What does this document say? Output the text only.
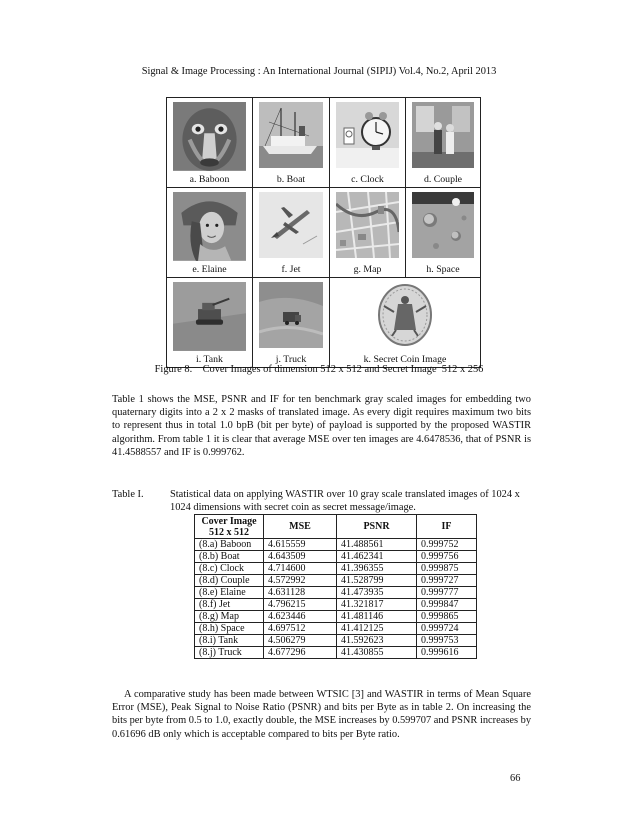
Signal & Image Processing : An International Journal (SIPIJ) Vol.4, No.2, April 2013
a. Baboon	b. Boat	c. Clock	d. Couple
e. Elaine	f. Jet	g. Map	h. Space
i. Tank	j. Truck	k. Secret Coin Image
Figure 8.    Cover Images of dimension 512 x 512 and Secret Image  512 x 256
Table 1 shows the MSE, PSNR and IF for ten benchmark gray scaled images for embedding two quaternary digits into a 2 x 2 masks of translated image. As every digit requires maximum two bits to represent thus in total 1.0 bpB (bit per byte) of payload is supported by the proposed WASTIR algorithm. From table 1 it is clear that average MSE over ten images are 4.6478536, that of PSNR is 41.4588557 and IF is 0.999762.
Table I.	Statistical data on applying WASTIR over 10 gray scale translated images of 1024 x 1024 dimensions with secret coin as secret message/image.
Cover Image 512 x 512	MSE	PSNR	IF
(8.a) Baboon	4.615559	41.488561	0.999752
(8.b) Boat	4.643509	41.462341	0.999756
(8.c) Clock	4.714600	41.396355	0.999875
(8.d) Couple	4.572992	41.528799	0.999727
(8.e) Elaine	4.631128	41.473935	0.999777
(8.f) Jet	4.796215	41.321817	0.999847
(8.g) Map	4.623446	41.481146	0.999865
(8.h) Space	4.697512	41.412125	0.999724
(8.i) Tank	4.506279	41.592623	0.999753
(8.j) Truck	4.677296	41.430855	0.999616
A comparative study has been made between WTSIC [3] and WASTIR in terms of Mean Square Error (MSE), Peak Signal to Noise Ratio (PSNR) and bits per Byte as in table 2. On increasing the bits per byte from 0.5 to 1.0, exactly double, the MSE increases by 0.599707 and PSNR increases by 0.61696 dB only which is acceptable compared to bits per Byte ratio.
66
